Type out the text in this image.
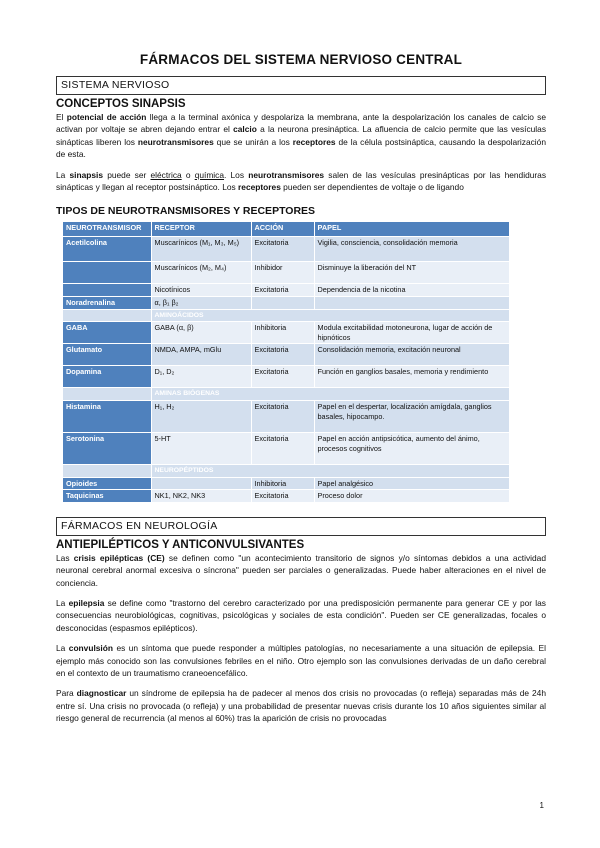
FÁRMACOS DEL SISTEMA NERVIOSO CENTRAL
SISTEMA NERVIOSO
CONCEPTOS SINAPSIS

El potencial de acción llega a la terminal axónica y despolariza la membrana, ante la despolarización los canales de calcio se activan por voltaje se abren dejando entrar el calcio a la neurona presináptica. La afluencia de calcio permite que las vesículas sinápticas liberen los neurotransmisores que se unirán a los receptores de la célula postsináptica, causando la despolarización de esta.

La sinapsis puede ser eléctrica o química. Los neurotransmisores salen de las vesículas presinápticas por las hendiduras sinápticas y llegan al receptor postsináptico. Los receptores pueden ser dependientes de voltaje o de ligando

TIPOS DE NEUROTRANSMISORES Y RECEPTORES
NEUROTRANSMISOR	RECEPTOR	ACCIÓN	PAPEL
Acetilcolina	Muscarínicos (M₁, M₃, M₅)	Excitatoria	Vigilia, consciencia, consolidación memoria
	Muscarínicos (M₂, M₄)	Inhibidor	Disminuye la liberación del NT
	Nicotínicos	Excitatoria	Dependencia de la nicotina
Noradrenalina	α, β₁ β₂		
	AMINOÁCIDOS		
GABA	GABA (α, β)	Inhibitoria	Modula excitabilidad motoneurona, lugar de acción de hipnóticos
Glutamato	NMDA, AMPA, mGlu	Excitatoria	Consolidación memoria, excitación neuronal
Dopamina	D₁, D₂	Excitatoria	Función en ganglios basales, memoria y rendimiento
	AMINAS BIÓGENAS		
Histamina	H₁, H₂	Excitatoria	Papel en el despertar, localización amígdala, ganglios basales, hipocampo.
Serotonina	5-HT	Excitatoria	Papel en acción antipsicótica, aumento del ánimo, procesos cognitivos
	NEUROPÉPTIDOS		
Opioides		Inhibitoria	Papel analgésico
Taquicinas	NK1, NK2, NK3	Excitatoria	Proceso dolor
FÁRMACOS EN NEUROLOGÍA
ANTIEPILÉPTICOS Y ANTICONVULSIVANTES

Las crisis epilépticas (CE) se definen como "un acontecimiento transitorio de signos y/o síntomas debidos a una actividad neuronal cerebral anormal excesiva o síncrona" pueden ser parciales o generalizadas. Puede haber alteraciones en el nivel de conciencia.

La epilepsia se define como "trastorno del cerebro caracterizado por una predisposición permanente para generar CE y por las consecuencias neurobiológicas, cognitivas, psicológicas y sociales de esta condición". Pueden ser CE generalizadas, focales o desconocidas (espasmos epilépticos).

La convulsión es un síntoma que puede responder a múltiples patologías, no necesariamente a una situación de epilepsia. El ejemplo más conocido son las convulsiones febriles en el niño. Otro ejemplo son las convulsiones derivadas de un daño cerebral en el contexto de un traumatismo craneoencefálico.

Para diagnosticar un síndrome de epilepsia ha de padecer al menos dos crisis no provocadas (o refleja) separadas más de 24h entre sí. Una crisis no provocada (o refleja) y una probabilidad de presentar nuevas crisis durante los 10 años siguientes similar al riesgo general de recurrencia (al menos al 60%) tras la aparición de crisis no provocadas

1
